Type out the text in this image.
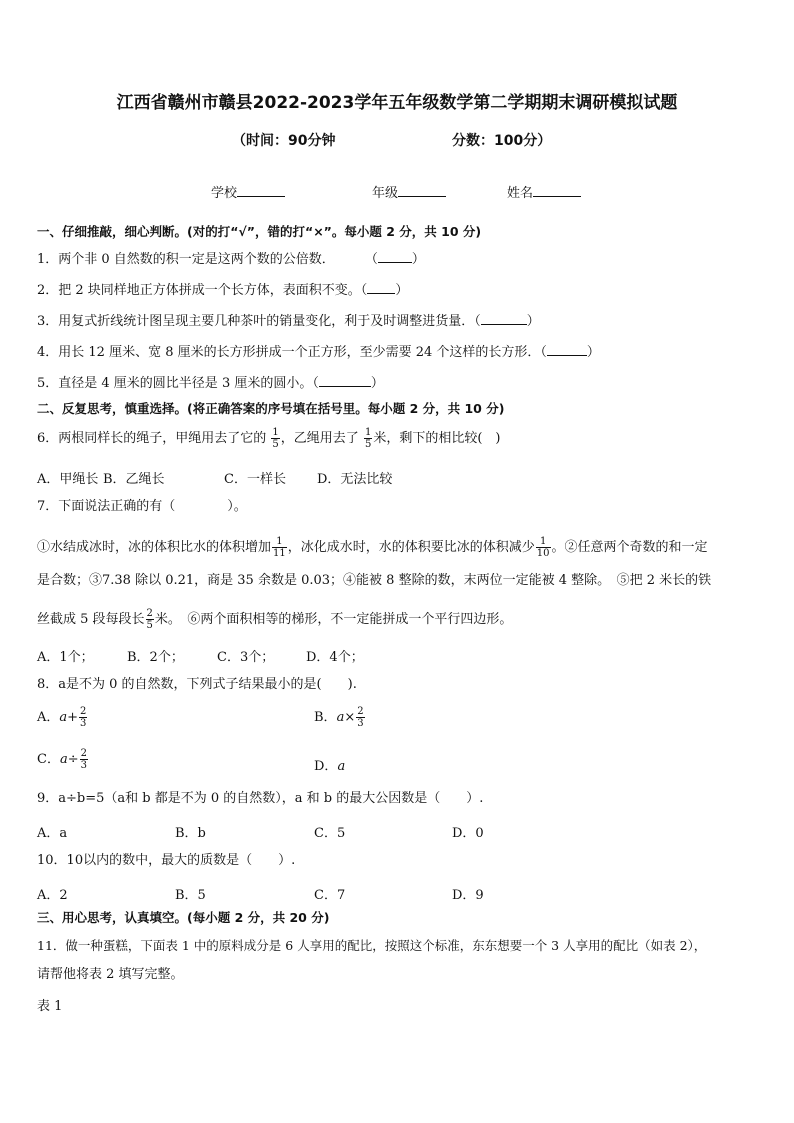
江西省赣州市赣县2022-2023学年五年级数学第二学期期末调研模拟试题
（时间：90分钟	分数：100分）
学校	年级	姓名
一、仔细推敲，细心判断。(对的打“√”，错的打“×”。每小题 2 分，共 10 分)
1．两个非 0 自然数的积一定是这两个数的公倍数． （	）
2．把 2 块同样地正方体拼成一个长方体，表面积不变。（ ）
3．用复式折线统计图呈现主要几种茶叶的销量变化，利于及时调整进货量．（	）
4．用长 12 厘米、宽 8 厘米的长方形拼成一个正方形，至少需要 24 个这样的长方形．（	）
5．直径是 4 厘米的圆比半径是 3 厘米的圆小。（	）
二、反复思考，慎重选择。(将正确答案的序号填在括号里。每小题 2 分，共 10 分)
6．两根同样长的绳子，甲绳用去了它的 $\frac{1}{5}$ ，乙绳用去了 $\frac{1}{5}$ 米，剩下的相比较(　)
A．甲绳长 B．乙绳长	C．一样长 D．无法比较
7．下面说法正确的有（　　　　）。
①水结成冰时，冰的体积比水的体积增加 $\frac{1}{11}$ ，冰化成水时，水的体积要比冰的体积减少 $\frac{1}{10}$ 。②任意两个奇数的和一定
是合数；③7.38 除以 0.21，商是 35 余数是 0.03；④能被 8 整除的数，末两位一定能被 4 整除。　⑤把 2 米长的铁
丝截成 5 段每段长 $\frac{2}{5}$ 米。　⑥两个面积相等的梯形，不一定能拼成一个平行四边形。
A．1个；	B．2个；	C．3个； D．4个；
8．a是不为 0 的自然数，下列式子结果最小的是(　　).
A．$a+ \frac{2}{3}$	B．$a\times \frac{2}{3}$
C．$a\div \frac{2}{3}$	D．a
9．a÷b=5（a和 b 都是不为 0 的自然数），a 和 b 的最大公因数是（　　）.
A．a	B．b	C．5	D．0
10．10以内的数中，最大的质数是（　　）.
A．2	B．5	C．7	D．9
三、用心思考，认真填空。(每小题 2 分，共 20 分)
11．做一种蛋糕，下面表 1 中的原料成分是 6 人享用的配比，按照这个标准，东东想要一个 3 人享用的配比（如表 2），
请帮他将表 2 填写完整。
表 1
